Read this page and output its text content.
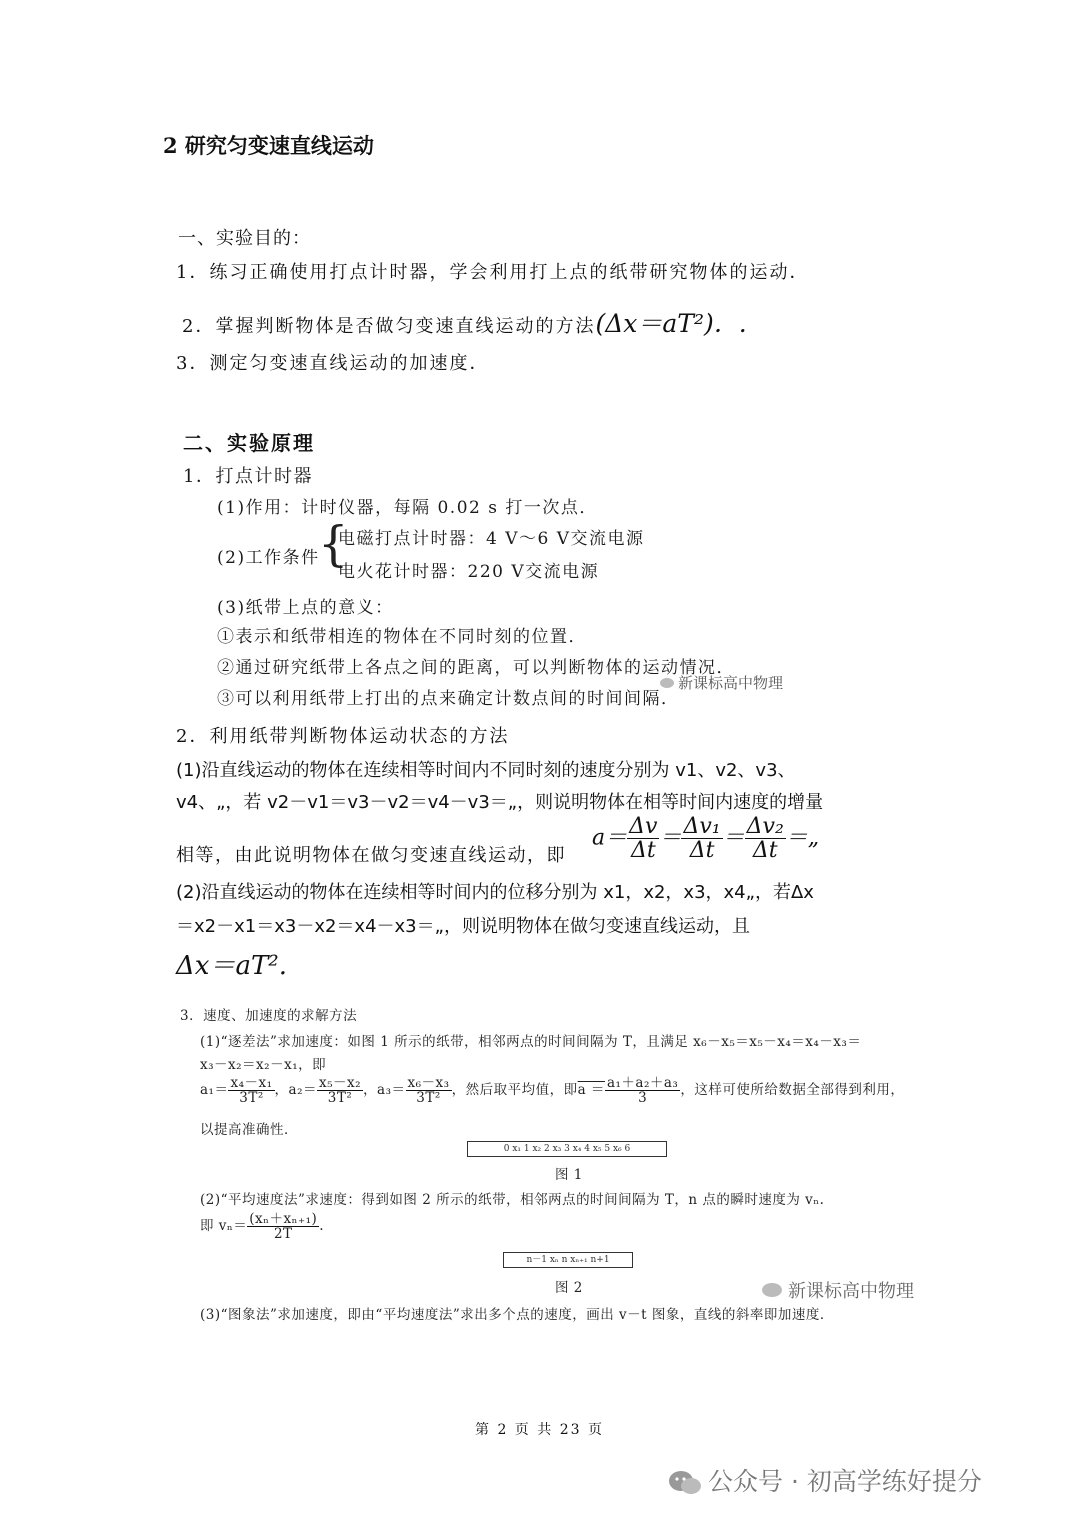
2 研究匀变速直线运动
一、实验目的：
1．练习正确使用打点计时器，学会利用打上点的纸带研究物体的运动．
2．掌握判断物体是否做匀变速直线运动的方法(Δx＝aT²)．.
3．测定匀变速直线运动的加速度．
二、实验原理
1．打点计时器
(1)作用：计时仪器，每隔 0.02 s 打一次点．
(2)工作条件
{
电磁打点计时器：4 V～6 V交流电源
电火花计时器：220 V交流电源
(3)纸带上点的意义：
①表示和纸带相连的物体在不同时刻的位置．
②通过研究纸带上各点之间的距离，可以判断物体的运动情况．
③可以利用纸带上打出的点来确定计数点间的时间间隔．
新课标高中物理
2．利用纸带判断物体运动状态的方法
(1)沿直线运动的物体在连续相等时间内不同时刻的速度分别为 v1、v2、v3、
v4、„，若 v2－v1＝v3－v2＝v4－v3＝„，则说明物体在相等时间内速度的增量
相等，由此说明物体在做匀变速直线运动，即
$a= \frac{\Delta v}{\Delta t} = \frac{\text{Δv₁}}{\Delta t} = \frac{\text{Δv₂}}{\Delta t}$ ＝„
(2)沿直线运动的物体在连续相等时间内的位移分别为 x1，x2，x3，x4„，若Δx
＝x2－x1＝x3－x2＝x4－x3＝„，则说明物体在做匀变速直线运动，且
Δx＝aT².
3．速度、加速度的求解方法
(1)“逐差法”求加速度：如图 1 所示的纸带，相邻两点的时间间隔为 T，且满足 x₆－x₅＝x₅－x₄＝x₄－x₃＝
x₃－x₂＝x₂－x₁，即
$a_1= \frac{\text{x₄－x₁}}{\text{3T²}}$ ，$a_2= \frac{\text{x₅－x₂}}{\text{3T²}}$ ，$a_3= \frac{\text{x₆－x₃}}{\text{3T²}}$ ，然后取平均值，即$a = \frac{\text{a₁＋a₂＋a₃}}{3}$ ，这样可使所给数据全部得到利用，
以提高准确性．
0 x₁ 1 x₂ 2 x₃ 3 x₄ 4 x₅ 5 x₆ 6
图 1
(2)“平均速度法”求速度：得到如图 2 所示的纸带，相邻两点的时间间隔为 T，n 点的瞬时速度为 vₙ.
即 $v_n= \frac{\text{(xₙ＋xₙ₊₁)}}{2T}$ .
n－1 xₙ n xₙ₊₁ n+1
图 2	新课标高中物理
(3)“图象法”求加速度，即由“平均速度法”求出多个点的速度，画出 v－t 图象，直线的斜率即加速度．
第 2 页 共 23 页
公众号 · 初高学练好提分
